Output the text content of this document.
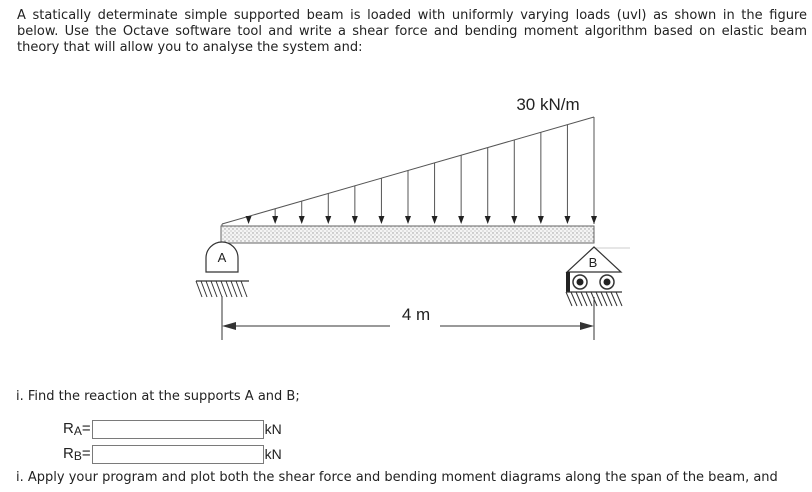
A statically determinate simple supported beam is loaded with uniformly varying loads (uvl) as shown in the figure below. Use the Octave software tool and write a shear force and bending moment algorithm based on elastic beam theory that will allow you to analyse the system and:

A	B
4 m
30 kN/m

i. Find the reaction at the supports A and B;

$R_A=$	kN
$R_B=$	kN

i. Apply your program and plot both the shear force and bending moment diagrams along the span of the beam, and
